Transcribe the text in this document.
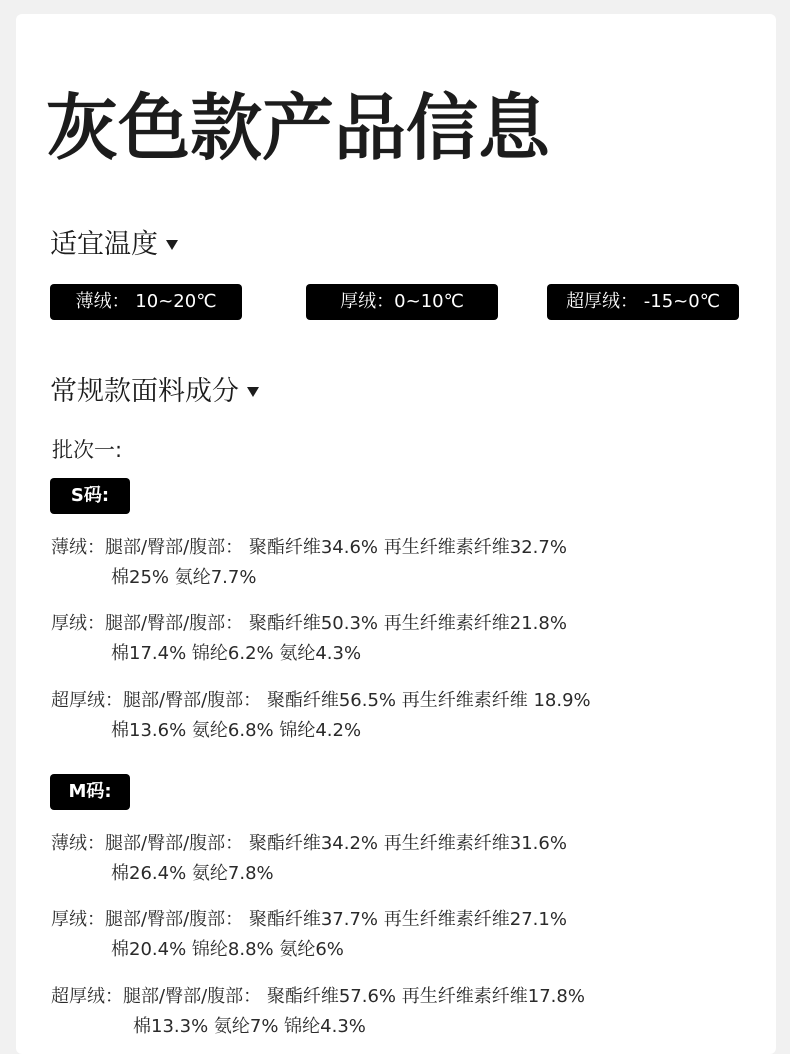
灰色款产品信息
适宜温度
薄绒： 10~20℃	厚绒：0~10℃	超厚绒： -15~0℃
常规款面料成分
批次一:
S码:
薄绒：腿部/臀部/腹部： 聚酯纤维34.6% 再生纤维素纤维32.7%
棉25% 氨纶7.7%
厚绒：腿部/臀部/腹部： 聚酯纤维50.3% 再生纤维素纤维21.8%
棉17.4% 锦纶6.2% 氨纶4.3%
超厚绒：腿部/臀部/腹部： 聚酯纤维56.5% 再生纤维素纤维 18.9%
棉13.6% 氨纶6.8% 锦纶4.2%
M码:
薄绒：腿部/臀部/腹部： 聚酯纤维34.2% 再生纤维素纤维31.6%
棉26.4% 氨纶7.8%
厚绒：腿部/臀部/腹部： 聚酯纤维37.7% 再生纤维素纤维27.1%
棉20.4% 锦纶8.8% 氨纶6%
超厚绒：腿部/臀部/腹部： 聚酯纤维57.6% 再生纤维素纤维17.8%
棉13.3% 氨纶7% 锦纶4.3%
